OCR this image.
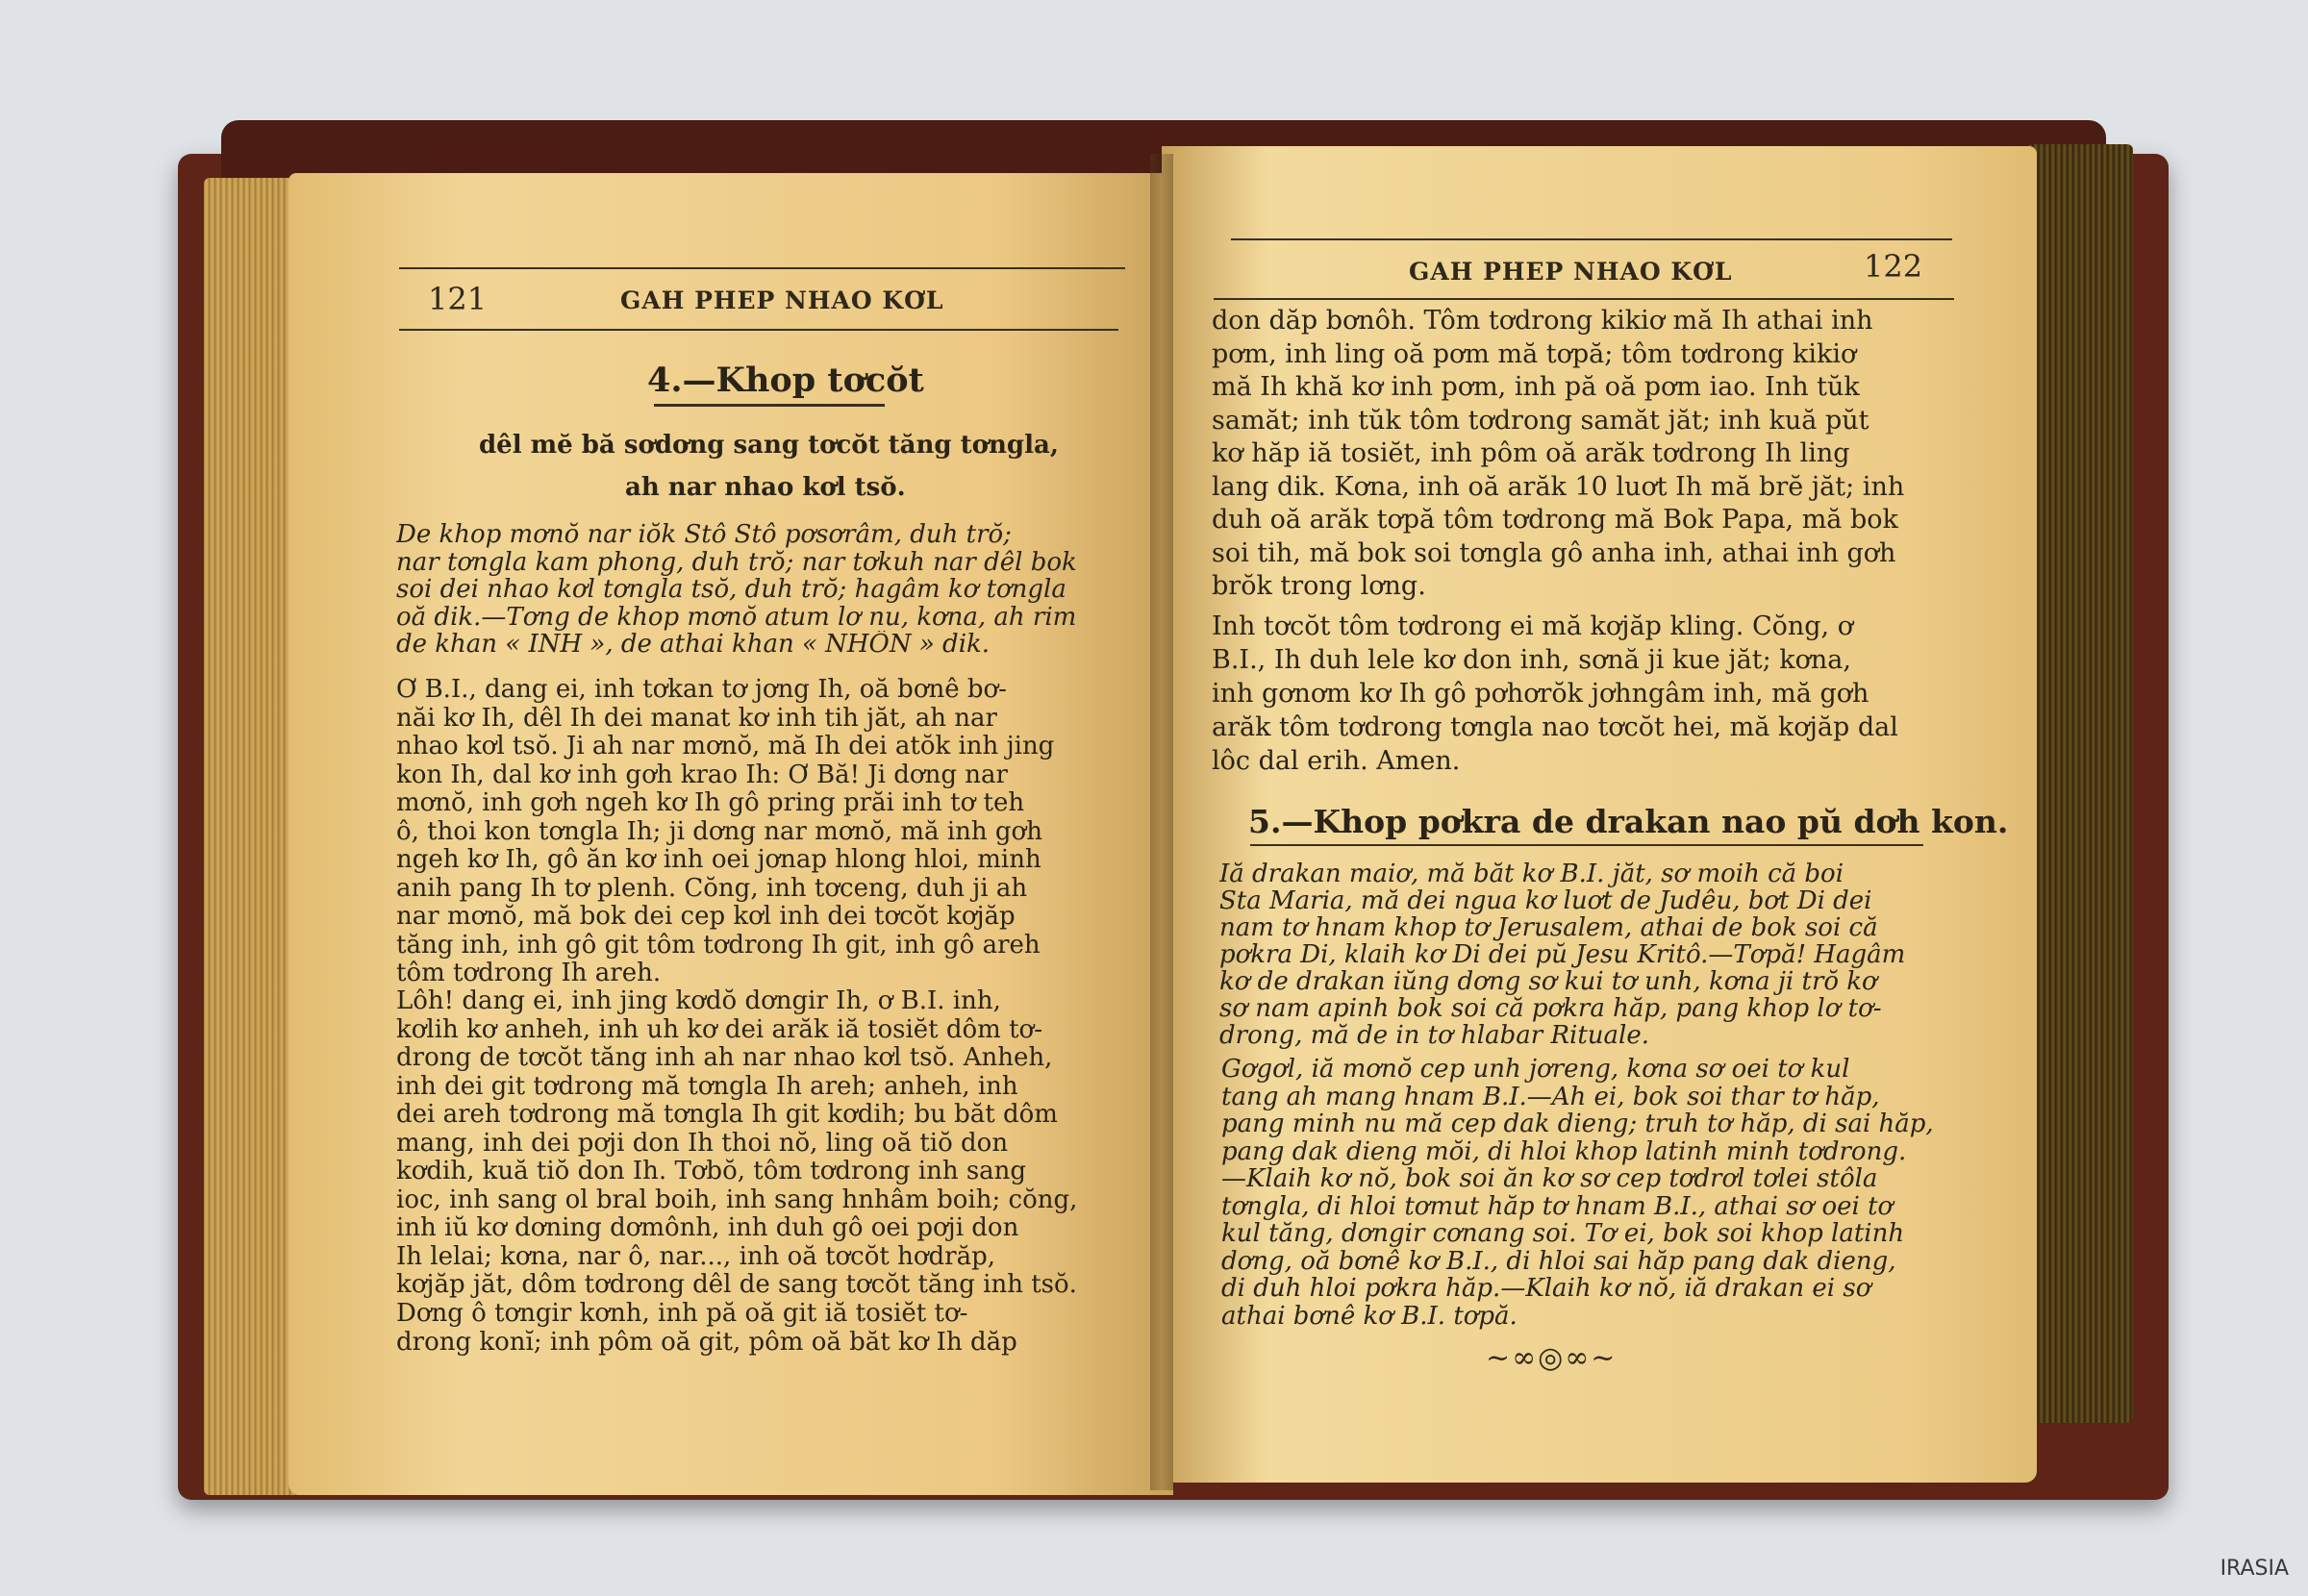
121	GAH PHEP NHAO KƠL
4.—Khop tơcŏt
dêl mĕ bă sơdơng sang tơcŏt tăng tơngla,
ah nar nhao kơl tsŏ.
De khop mơnŏ nar iŏk Stô Stô pơsơrâm, duh trŏ;
nar tơngla kam phong, duh trŏ; nar tơkuh nar dêl bok
soi dei nhao kơl tơngla tsŏ, duh trŏ; hagâm kơ tơngla
oă dik.—Tơng de khop mơnŏ atum lơ nu, kơna, ah rim
de khan « INH », de athai khan « NHÔN » dik.
Ơ B.I., dang ei, inh tơkan tơ jơng Ih, oă bơnê bơ-
năi kơ Ih, dêl Ih dei manat kơ inh tih jăt, ah nar
nhao kơl tsŏ. Ji ah nar mơnŏ, mă Ih dei atŏk inh jing
kon Ih, dal kơ inh gơh krao Ih: Ơ Bă! Ji dơng nar
mơnŏ, inh gơh ngeh kơ Ih gô pring prăi inh tơ teh
ô, thoi kon tơngla Ih; ji dơng nar mơnŏ, mă inh gơh
ngeh kơ Ih, gô ăn kơ inh oei jơnap hlong hloi, minh
anih pang Ih tơ plenh. Cŏng, inh tơceng, duh ji ah
nar mơnŏ, mă bok dei cep kơl inh dei tơcŏt kơjăp
tăng inh, inh gô git tôm tơdrong Ih git, inh gô areh
tôm tơdrong Ih areh.
Lôh! dang ei, inh jing kơdŏ dơngir Ih, ơ B.I. inh,
kơlih kơ anheh, inh uh kơ dei arăk iă tosiĕt dôm tơ-
drong de tơcŏt tăng inh ah nar nhao kơl tsŏ. Anheh,
inh dei git tơdrong mă tơngla Ih areh; anheh, inh
dei areh tơdrong mă tơngla Ih git kơdih; bu băt dôm
mang, inh dei pơji don Ih thoi nŏ, ling oă tiŏ don
kơdih, kuă tiŏ don Ih. Tơbŏ, tôm tơdrong inh sang
ioc, inh sang ol bral boih, inh sang hnhâm boih; cŏng,
inh iŭ kơ dơning dơmônh, inh duh gô oei pơji don
Ih lelai; kơna, nar ô, nar..., inh oă tơcŏt hơdrăp,
kơjăp jăt, dôm tơdrong dêl de sang tơcŏt tăng inh tsŏ.
Dơng ô tơngir kơnh, inh pă oă git iă tosiĕt tơ-
drong konĭ; inh pôm oă git, pôm oă băt kơ Ih dăp
GAH PHEP NHAO KƠL	122
don dăp bơnôh. Tôm tơdrong kikiơ mă Ih athai inh
pơm, inh ling oă pơm mă tơpă; tôm tơdrong kikiơ
mă Ih khă kơ inh pơm, inh pă oă pơm iao. Inh tŭk
samăt; inh tŭk tôm tơdrong samăt jăt; inh kuă pŭt
kơ hăp iă tosiĕt, inh pôm oă arăk tơdrong Ih ling
lang dik. Kơna, inh oă arăk 10 luơt Ih mă brĕ jăt; inh
duh oă arăk tơpă tôm tơdrong mă Bok Papa, mă bok
soi tih, mă bok soi tơngla gô anha inh, athai inh gơh
brŏk trong lơng.
Inh tơcŏt tôm tơdrong ei mă kơjăp kling. Cŏng, ơ
B.I., Ih duh lele kơ don inh, sơnă ji kue jăt; kơna,
inh gơnơm kơ Ih gô pơhơrŏk jơhngâm inh, mă gơh
arăk tôm tơdrong tơngla nao tơcŏt hei, mă kơjăp dal
lôc dal erih. Amen.
Iă drakan maiơ, mă băt kơ B.I. jăt, sơ moih că boi
Sta Maria, mă dei ngua kơ luơt de Judêu, bơt Di dei
nam tơ hnam khop tơ Jerusalem, athai de bok soi că
pơkra Di, klaih kơ Di dei pŭ Jesu Kritô.—Tơpă! Hagâm
kơ de drakan iŭng dơng sơ kui tơ unh, kơna ji trŏ kơ
sơ nam apinh bok soi că pơkra hăp, pang khop lơ tơ-
drong, mă de in tơ hlabar Rituale.
Gơgơl, iă mơnŏ cep unh jơreng, kơna sơ oei tơ kul
tang ah mang hnam B.I.—Ah ei, bok soi thar tơ hăp,
pang minh nu mă cep dak dieng; truh tơ hăp, di sai hăp,
pang dak dieng mŏi, di hloi khop latinh minh tơdrong.
—Klaih kơ nŏ, bok soi ăn kơ sơ cep tơdrơl tơlei stôla
tơngla, di hloi tơmut hăp tơ hnam B.I., athai sơ oei tơ
kul tăng, dơngir cơnang soi. Tơ ei, bok soi khop latinh
dơng, oă bơnê kơ B.I., di hloi sai hăp pang dak dieng,
di duh hloi pơkra hăp.—Klaih kơ nŏ, iă drakan ei sơ
athai bơnê kơ B.I. tơpă.
5.—Khop pơkra de drakan nao pŭ dơh kon.
~∞◎∞~
IRASIA
